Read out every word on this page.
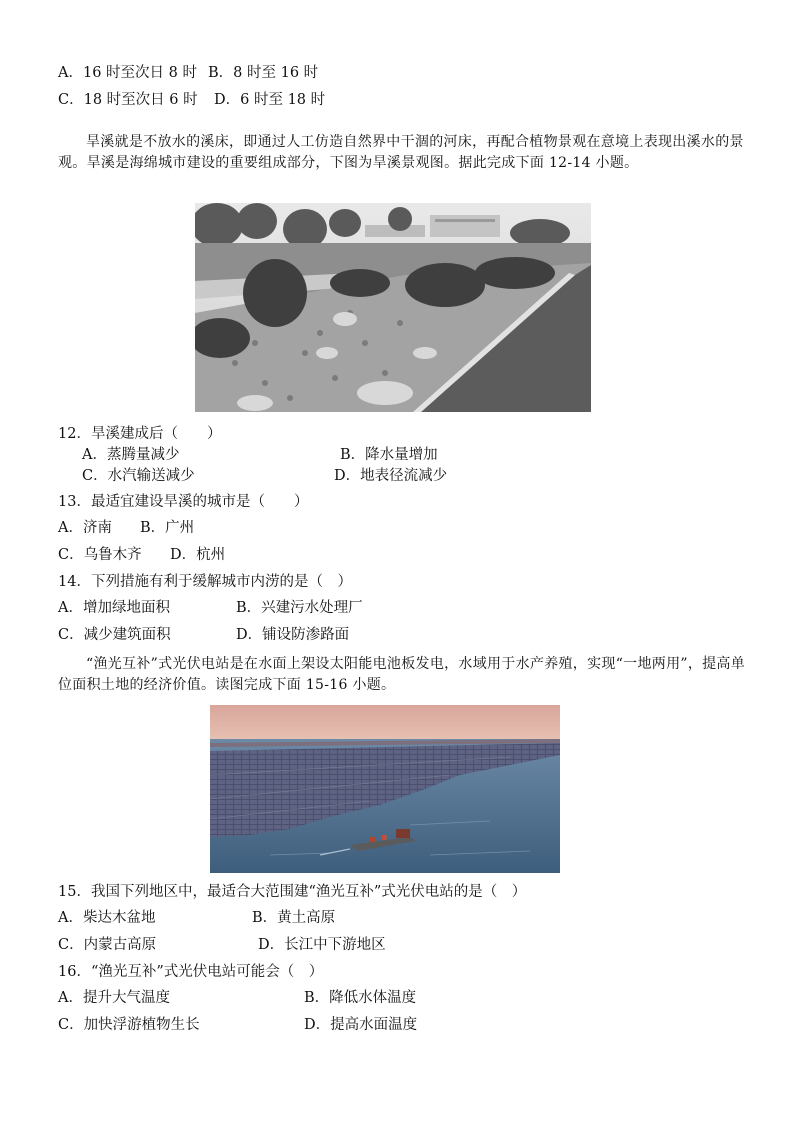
A．16 时至次日 8 时 B．8 时至 16 时
C．18 时至次日 6 时 D．6 时至 18 时
旱溪就是不放水的溪床，即通过人工仿造自然界中干涸的河床，再配合植物景观在意境上表现出溪水的景观。旱溪是海绵城市建设的重要组成部分，下图为旱溪景观图。据此完成下面 12-14 小题。
12．旱溪建成后（　　）
A．蒸腾量减少	B．降水量增加
C．水汽输送减少	D．地表径流减少
13．最适宜建设旱溪的城市是（　　）
A．济南 B．广州
C．乌鲁木齐 D．杭州
14．下列措施有利于缓解城市内涝的是（　）
A．增加绿地面积	B．兴建污水处理厂
C．减少建筑面积	D．铺设防渗路面
“渔光互补”式光伏电站是在水面上架设太阳能电池板发电，水域用于水产养殖，实现“一地两用”，提高单位面积土地的经济价值。读图完成下面 15-16 小题。
15．我国下列地区中，最适合大范围建“渔光互补”式光伏电站的是（　）
A．柴达木盆地	B．黄土高原
C．内蒙古高原	D．长江中下游地区
16．“渔光互补”式光伏电站可能会（　）
A．提升大气温度	B．降低水体温度
C．加快浮游植物生长	D．提高水面温度
